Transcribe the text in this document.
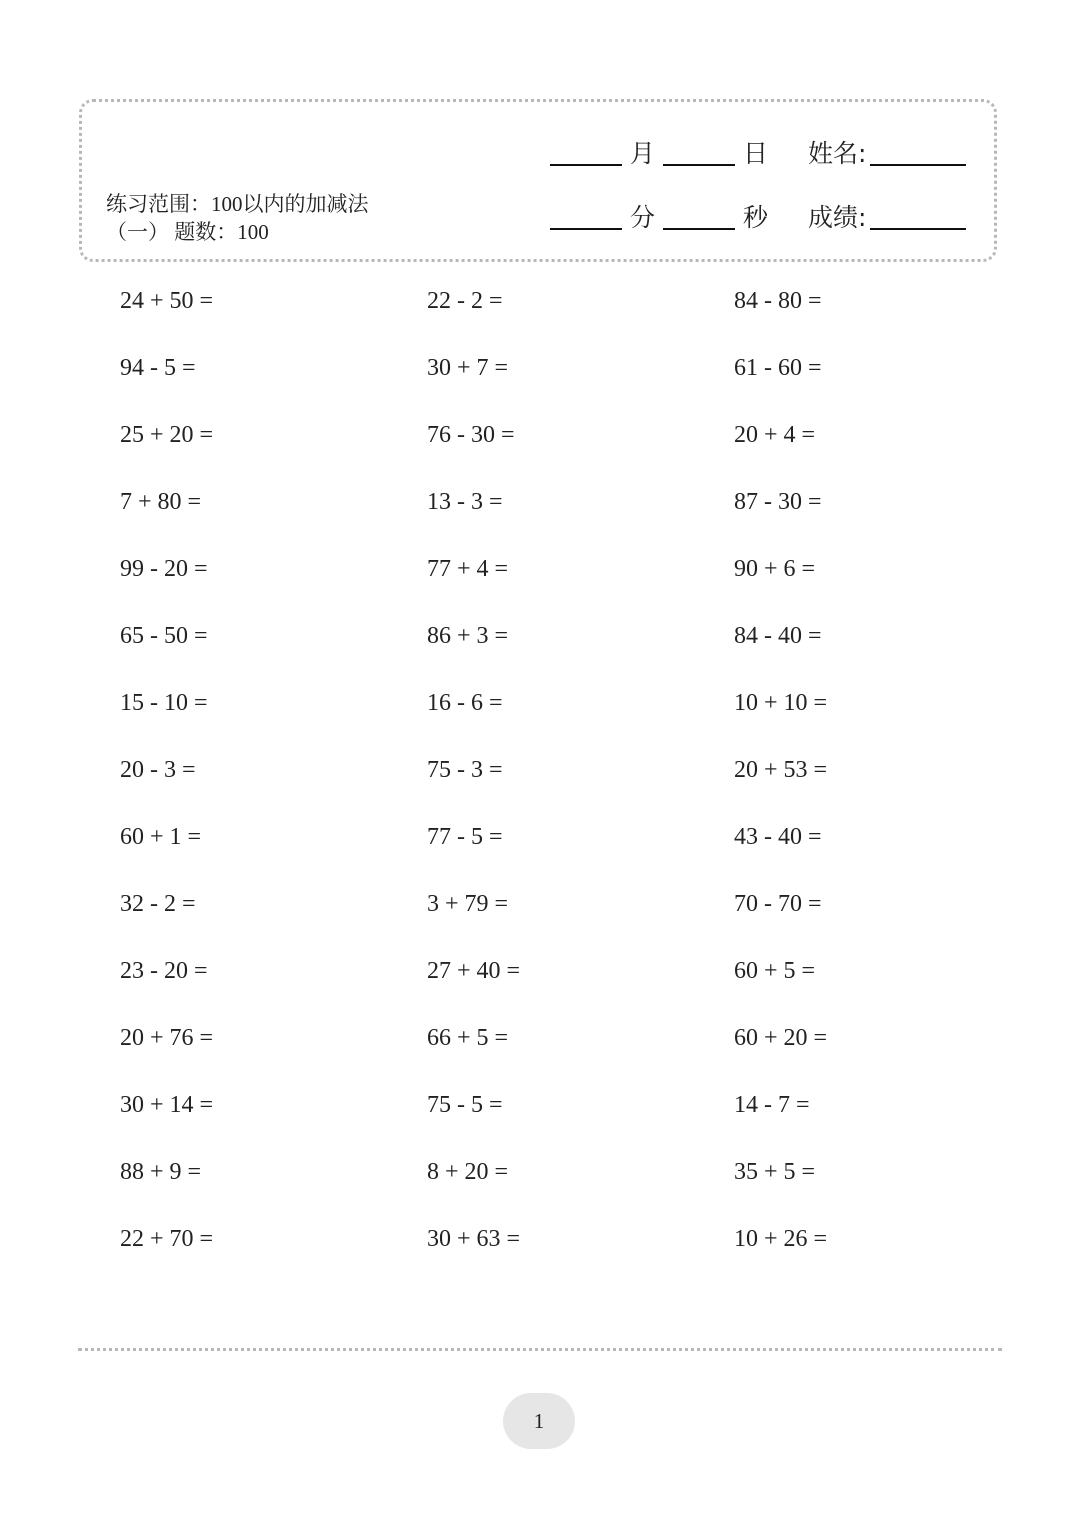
练习范围：100以内的加减法
（一） 题数：100
月	日 姓名:
分	秒 成绩:
24 + 50 =	22 - 2 =	84 - 80 =
94 - 5 =	30 + 7 =	61 - 60 =
25 + 20 =	76 - 30 =	20 + 4 =
7 + 80 =	13 - 3 =	87 - 30 =
99 - 20 =	77 + 4 =	90 + 6 =
65 - 50 =	86 + 3 =	84 - 40 =
15 - 10 =	16 - 6 =	10 + 10 =
20 - 3 =	75 - 3 =	20 + 53 =
60 + 1 =	77 - 5 =	43 - 40 =
32 - 2 =	3 + 79 =	70 - 70 =
23 - 20 =	27 + 40 =	60 + 5 =
20 + 76 =	66 + 5 =	60 + 20 =
30 + 14 =	75 - 5 =	14 - 7 =
88 + 9 =	8 + 20 =	35 + 5 =
22 + 70 =	30 + 63 =	10 + 26 =
1
